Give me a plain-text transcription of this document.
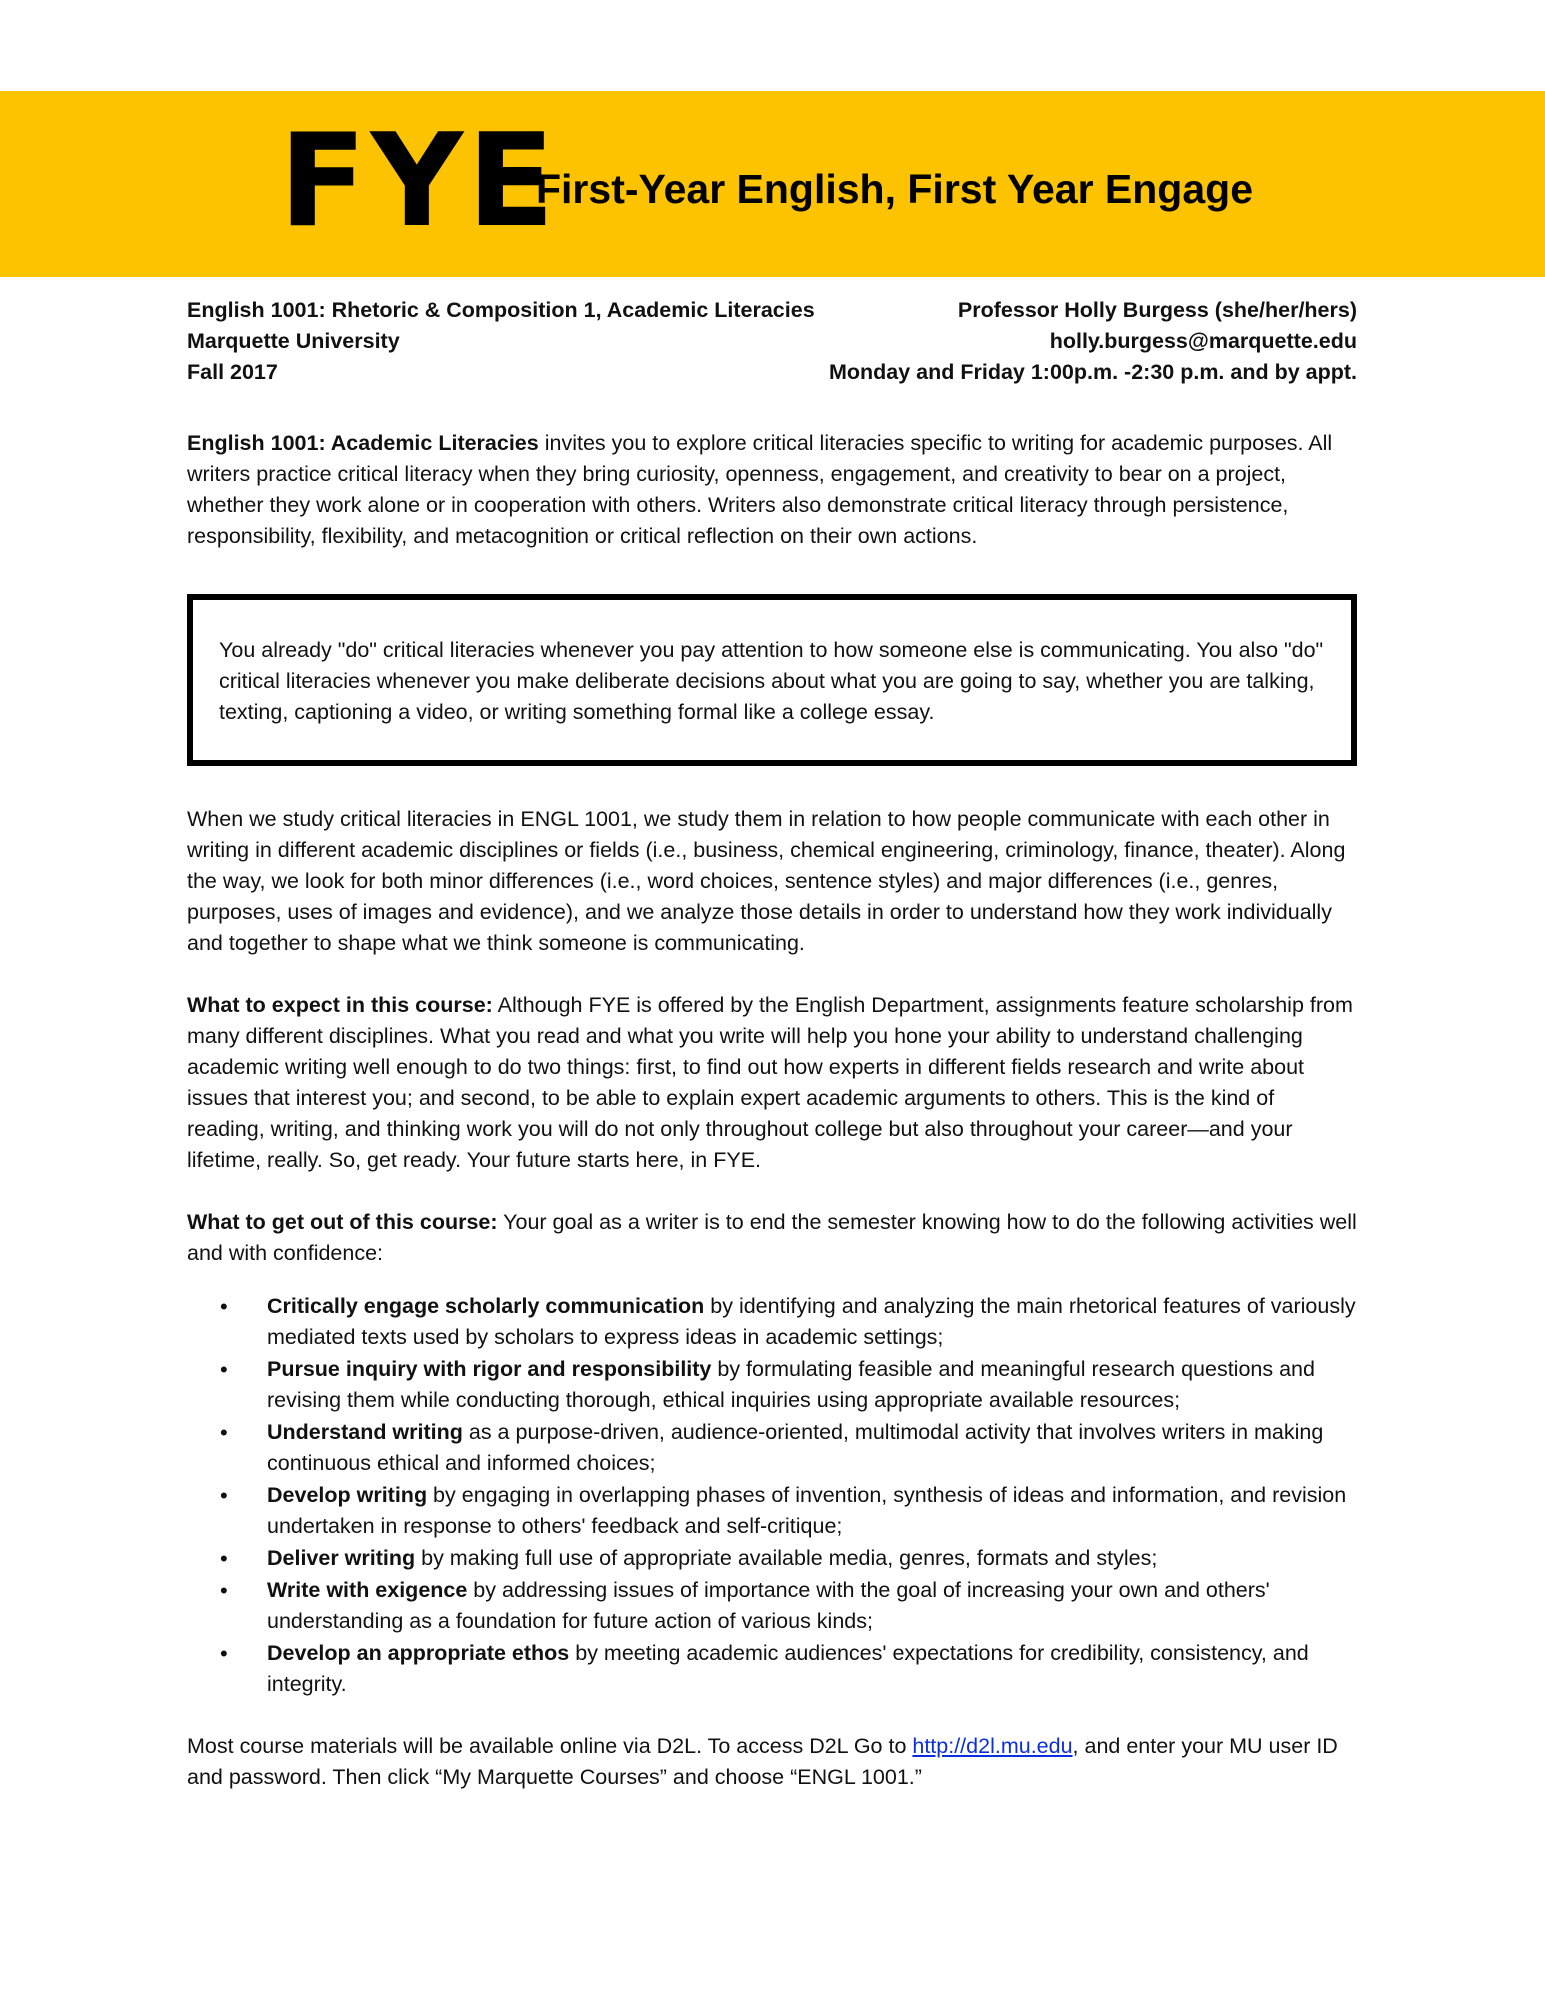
FYE
First-Year English, First Year Engage
English 1001: Rhetoric & Composition 1, Academic Literacies
Marquette University
Fall 2017
Professor Holly Burgess (she/her/hers)
holly.burgess@marquette.edu
Monday and Friday 1:00p.m. -2:30 p.m. and by appt.

English 1001: Academic Literacies invites you to explore critical literacies specific to writing for academic purposes. All writers practice critical literacy when they bring curiosity, openness, engagement, and creativity to bear on a project, whether they work alone or in cooperation with others. Writers also demonstrate critical literacy through persistence, responsibility, flexibility, and metacognition or critical reflection on their own actions.

You already "do" critical literacies whenever you pay attention to how someone else is communicating. You also "do" critical literacies whenever you make deliberate decisions about what you are going to say, whether you are talking, texting, captioning a video, or writing something formal like a college essay.

When we study critical literacies in ENGL 1001, we study them in relation to how people communicate with each other in writing in different academic disciplines or fields (i.e., business, chemical engineering, criminology, finance, theater). Along the way, we look for both minor differences (i.e., word choices, sentence styles) and major differences (i.e., genres, purposes, uses of images and evidence), and we analyze those details in order to understand how they work individually and together to shape what we think someone is communicating.

What to expect in this course: Although FYE is offered by the English Department, assignments feature scholarship from many different disciplines. What you read and what you write will help you hone your ability to understand challenging academic writing well enough to do two things: first, to find out how experts in different fields research and write about issues that interest you; and second, to be able to explain expert academic arguments to others. This is the kind of reading, writing, and thinking work you will do not only throughout college but also throughout your career—and your lifetime, really. So, get ready. Your future starts here, in FYE.

What to get out of this course: Your goal as a writer is to end the semester knowing how to do the following activities well and with confidence:

• Critically engage scholarly communication by identifying and analyzing the main rhetorical features of variously mediated texts used by scholars to express ideas in academic settings;
• Pursue inquiry with rigor and responsibility by formulating feasible and meaningful research questions and revising them while conducting thorough, ethical inquiries using appropriate available resources;
• Understand writing as a purpose-driven, audience-oriented, multimodal activity that involves writers in making continuous ethical and informed choices;
• Develop writing by engaging in overlapping phases of invention, synthesis of ideas and information, and revision undertaken in response to others' feedback and self-critique;
• Deliver writing by making full use of appropriate available media, genres, formats and styles;
• Write with exigence by addressing issues of importance with the goal of increasing your own and others' understanding as a foundation for future action of various kinds;
• Develop an appropriate ethos by meeting academic audiences' expectations for credibility, consistency, and integrity.

Most course materials will be available online via D2L. To access D2L Go to http://d2l.mu.edu, and enter your MU user ID and password. Then click “My Marquette Courses” and choose “ENGL 1001.”
